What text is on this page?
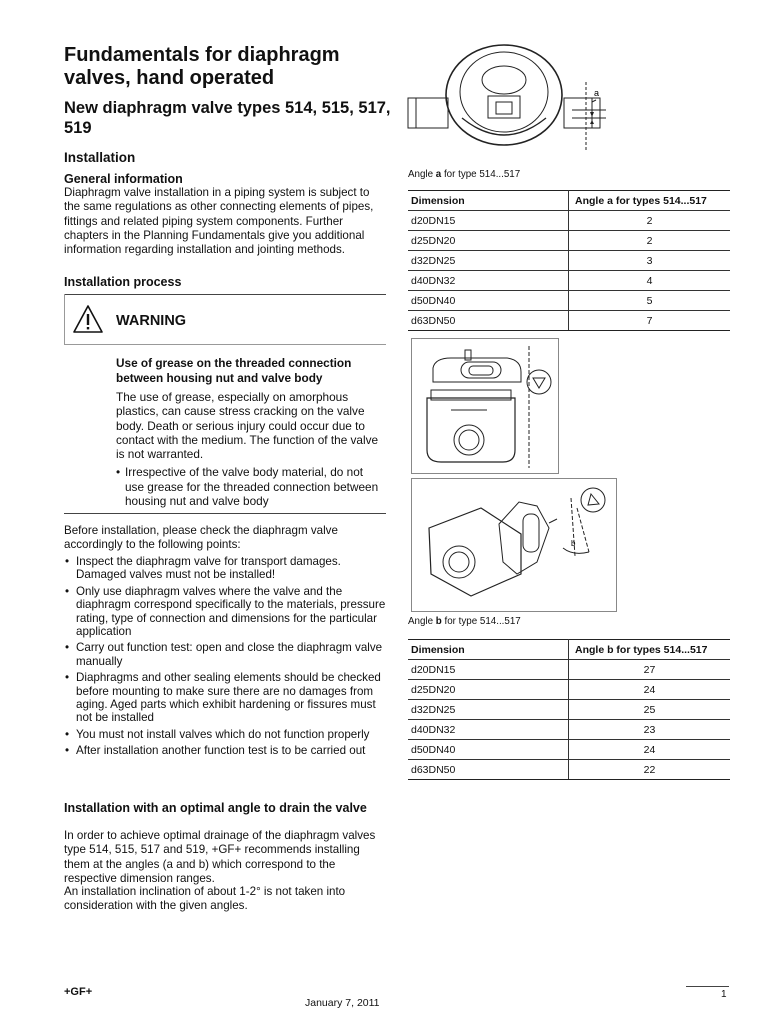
Fundamentals for diaphragm valves, hand operated
New diaphragm valve types 514, 515, 517, 519
Installation
General information

Diaphragm valve installation in a piping system is subject to the same regulations as other connecting elements of pipes, fittings and related piping system components. Further chapters in the Planning Fundamentals give you additional information regarding installation and jointing methods.

Installation process
WARNING

Use of grease on the threaded connection between housing nut and valve body

The use of grease, especially on amorphous plastics, can cause stress cracking on the valve body. Death or serious injury could occur due to contact with the medium. The function of the valve is not warranted.

• Irrespective of the valve body material, do not use grease for the threaded connection between housing nut and valve body

Before installation, please check the diaphragm valve accordingly to the following points:

• Inspect the diaphragm valve for transport damages. Damaged valves must not be installed!
• Only use diaphragm valves where the valve and the diaphragm correspond specifically to the materials, pressure rating, type of connection and dimensions for the particular application
• Carry out function test: open and close the diaphragm valve manually
• Diaphragms and other sealing elements should be checked before mounting to make sure there are no damages from aging. Aged parts which exhibit hardening or fissures must not be installed
• You must not install valves which do not function properly
• After installation another function test is to be carried out
Installation with an optimal angle to drain the valve

In order to achieve optimal drainage of the diaphragm valves type 514, 515, 517 and 519, +GF+ recommends installing them at the angles (a and b) which correspond to the respective dimension ranges.

An installation inclination of about 1-2° is not taken into consideration with the given angles.

+GF+
January 7, 2011
1
a
Angle a for type 514...517
Dimension	Angle a for types 514...517
d20DN15	2
d25DN20	2
d32DN25	3
d40DN32	4
d50DN40	5
d63DN50	7
b
Angle b for type 514...517
Dimension	Angle b for types 514...517
d20DN15	27
d25DN20	24
d32DN25	25
d40DN32	23
d50DN40	24
d63DN50	22
